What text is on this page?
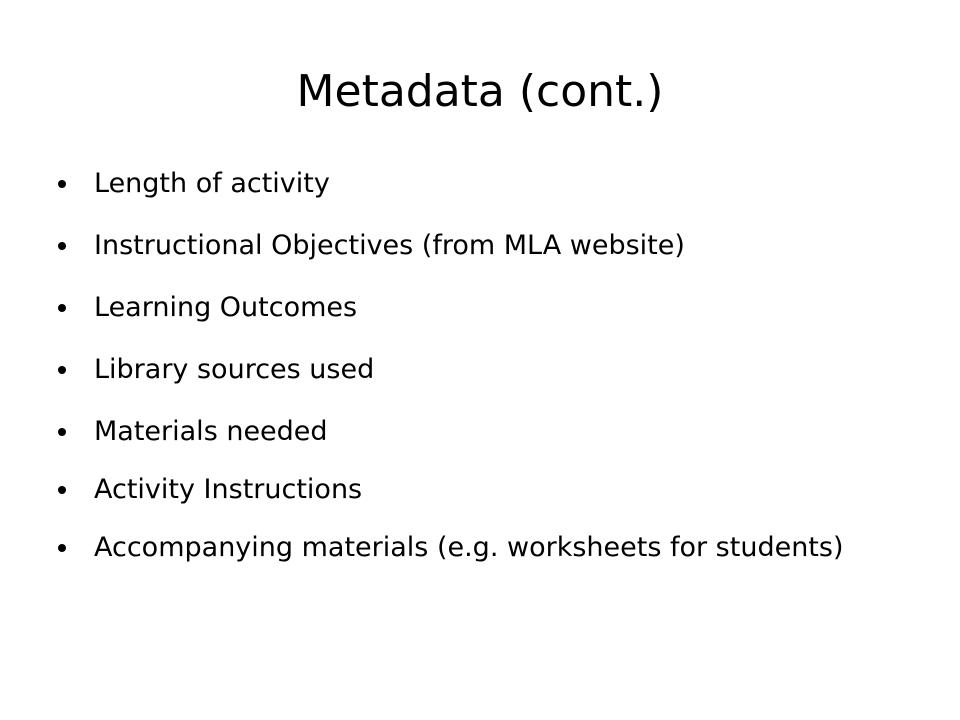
Metadata (cont.)
Length of activity
Instructional Objectives (from MLA website)
Learning Outcomes
Library sources used
Materials needed
Activity Instructions
Accompanying materials (e.g. worksheets for students)
